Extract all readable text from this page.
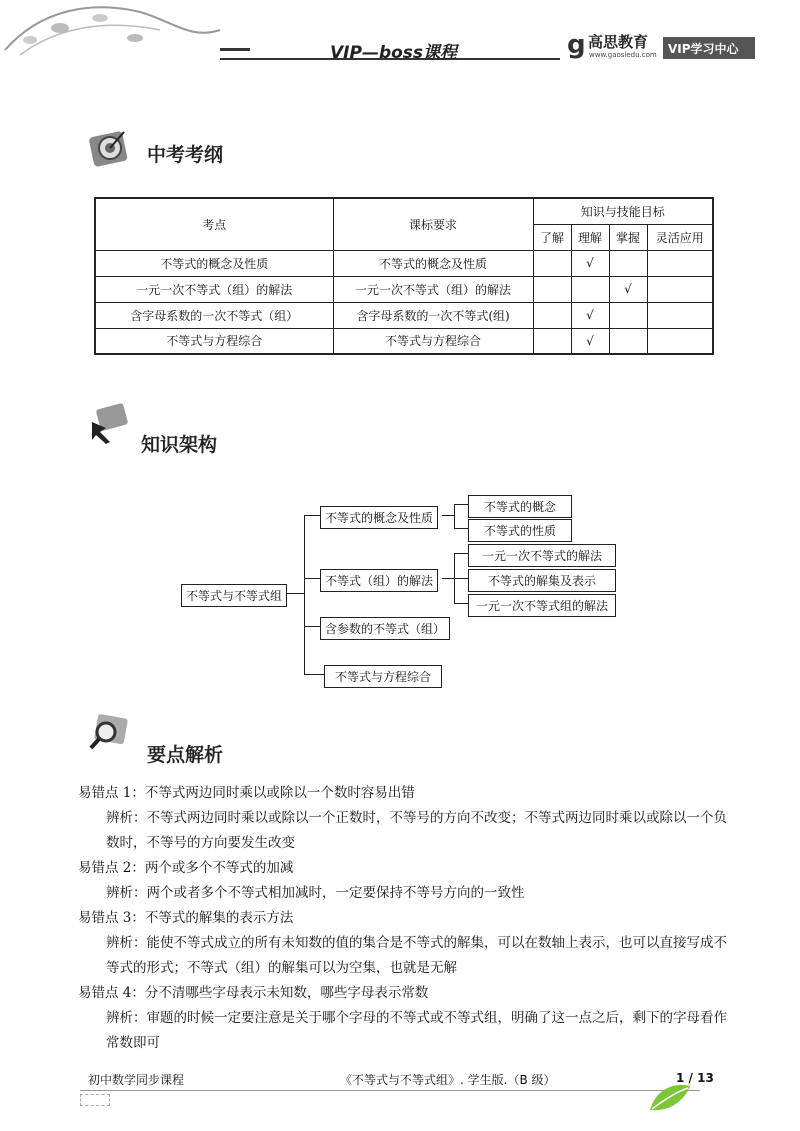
VIP—boss课程	g 高思教育
www.gaosiedu.com VIP学习中心
中考考纲
考点	课标要求	知识与技能目标			
		了解	理解	掌握	灵活应用
不等式的概念及性质	不等式的概念及性质		√		
一元一次不等式（组）的解法	一元一次不等式（组）的解法			√	
含字母系数的一次不等式（组）	含字母系数的一次不等式(组)		√		
不等式与方程综合	不等式与方程综合		√		
知识架构
不等式与不等式组
不等式的概念及性质
不等式的概念
不等式的性质
不等式（组）的解法
一元一次不等式的解法
不等式的解集及表示
一元一次不等式组的解法
含参数的不等式（组）
不等式与方程综合
要点解析
易错点 1：不等式两边同时乘以或除以一个数时容易出错
辨析：不等式两边同时乘以或除以一个正数时，不等号的方向不改变；不等式两边同时乘以或除以一个负数时，不等号的方向要发生改变
易错点 2：两个或多个不等式的加减
辨析：两个或者多个不等式相加减时，一定要保持不等号方向的一致性
易错点 3：不等式的解集的表示方法
辨析：能使不等式成立的所有未知数的值的集合是不等式的解集，可以在数轴上表示，也可以直接写成不等式的形式；不等式（组）的解集可以为空集，也就是无解
易错点 4：分不清哪些字母表示未知数，哪些字母表示常数
辨析：审题的时候一定要注意是关于哪个字母的不等式或不等式组，明确了这一点之后，剩下的字母看作常数即可
初中数学同步课程	《不等式与不等式组》. 学生版.（B 级）	1 / 13
